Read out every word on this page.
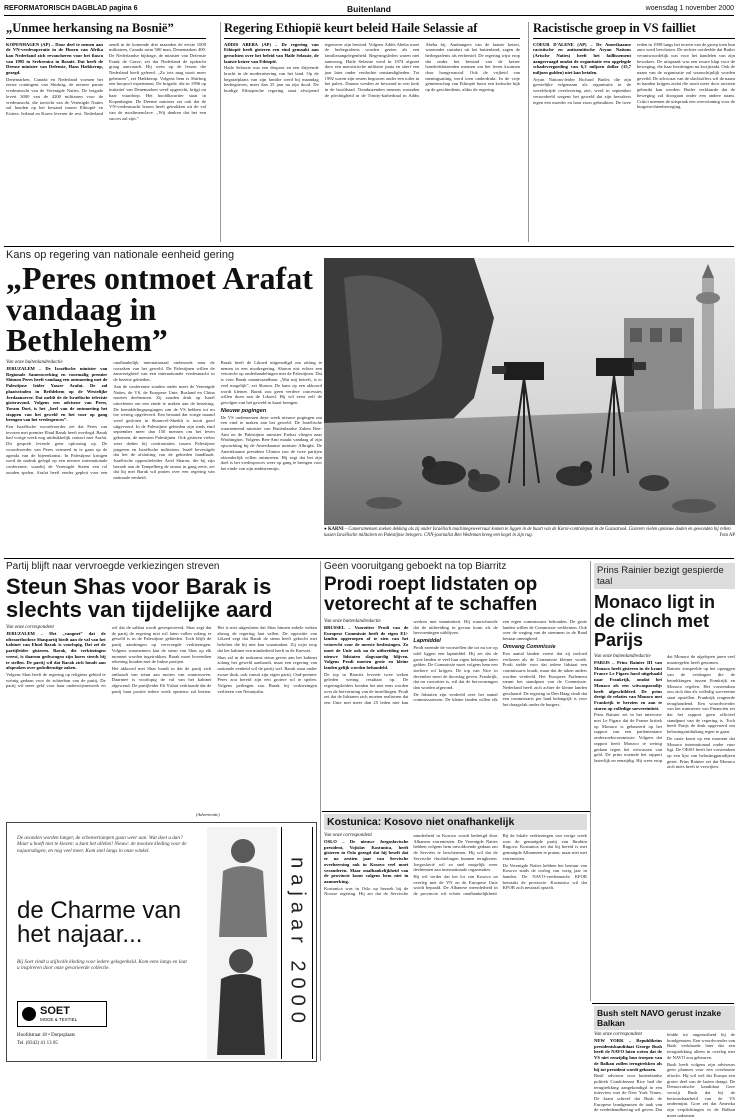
REFORMATORISCH DAGBLAD pagina 6	Buitenland	woensdag 1 november 2000
„Unmee herkansing na Bosnië”
KOPENHAGEN (AP) – Door deel te nemen aan de VN-vredesoperatie in de Hoorn van Afrika kan Nederland zich revancheren voor het fiasco van 1995 in Srebrenica in Bosnië. Dat heeft de Deense minister van Defensie, Hans Hækkerup, gezegd.
Denemarken, Canada en Nederland vormen het eerste contingent van Shirbrig, de nieuwe parate vredesmacht van de Verenigde Naties. De brigade levert 3000 van de 4200 militairen voor de vredesmacht, die toezicht van de Verenigde Naties zal houden op het bestand tussen Ethiopië en Eritrea. Ierland en Korea leveren de rest. Nederland zendt in de komende drie maanden de eerste 1000 militairen, Canada ruim 500 man, Denemarken 400. De Nederlandse bijdrage, de minister van Defensie Frank de Grave, zei dat Nederland de opdracht graag aanvaardt. Hij wees op de lessen die Nederland heeft geleerd. „Zo iets mag nooit meer gebeuren”, zei Hækkerup. Volgens hem is Shirbrig een hoopvol experiment. De brigade, die in 1996 op initiatief van Denemarken werd opgericht, krijgt nu haar vuurdoop. Het hoofdkwartier staat in Kopenhagen. De Deense minister zei ook dat de VN-vredesmacht lessen heeft getrokken uit de val van de moslimenclave. „Wij denken dat het een succes zal zijn.”
Regering Ethiopië keurt beleid Haile Selassie af
ADDIS ABEBA (AP) – De regering van Ethiopië heeft gisteren een eind gemaakt aan geruchten over het beleid van Haile Selassie, de laatste keizer van Ethiopië.
Haile Selassie was een despoot en een drijvende kracht in de modernisering van het land. Op de begraafplaats van zijn familie werd hij maandag herbegraven, meer dan 25 jaar na zijn dood. De huidige Ethiopische regering staat afwijzend tegenover zijn bewind. Volgens Addis Abeba moet de herbegrafenis worden gezien als een familieaangelegenheid. Regeringsleden waren niet aanwezig. Haile Selassie werd in 1974 afgezet door een marxistische militaire junta en stierf een jaar later onder verdachte omstandigheden. Tot 1992 waren zijn resten begraven onder een toilet in het paleis. Daarna werden ze bewaard in een kerk in de hoofdstad. Tienduizenden mensen woonden de plechtigheid in de Trinity-kathedraal in Addis Abeba bij. Aanhangers van de laatste keizer, waaronder rastafari uit het buitenland, zagen de herbegrafenis als eerherstel. De regering wijst erop dat onder het bewind van de keizer honderdduizenden mensen om het leven kwamen door hongersnood. Ook de vrijheid van meningsuiting werd toen onderdrukt. In de vrije gemeenschap van Ethiopië hoort een kritische kijk op de geschiedenis, aldus de regering.
Racistische groep in VS failliet
COEUR D'ALENE (AP) – De Amerikaanse racistische en antisemitische Aryan Nations (Arische Naties) heeft het faillissement aangevraagd omdat de organisatie een opgelegde schadevergoeding van 6,3 miljoen dollar (15,7 miljoen gulden) niet kan betalen.
Aryan Nations-leider Richard Butler, die zijn geestelijke erfgenaam als organisatie in de wereldwijde overlevering ziet, werd in september veroordeeld wegens het geweld dat zijn bewakers tegen een moeder en haar zoon gebruikten. De twee reden in 1998 langs het terrein van de groep toen hun auto werd beschoten. De rechter oordeelde dat Butler verantwoordelijk was voor het handelen van zijn bewakers. De uitspraak was een zware klap voor de beweging, die haar bezittingen nu kwijtraakt. Ook de naam van de organisatie zal waarschijnlijk worden geveild. De advocaat van de slachtoffers wil de naam in handen krijgen zodat die nooit meer door racisten gebruikt kan worden. Butler verklaarde dat de beweging zal doorgaan onder een andere naam. Critici noemen de uitspraak een overwinning voor de burgerrechtenbeweging.
Kans op regering van nationale eenheid gering
„Peres ontmoet Arafat vandaag in Bethlehem”
Van onze buitenlandredactie
JERUZALEM – De Israëlische minister van Regionale Samenwerking en voormalig premier Shimon Peres heeft vandaag een ontmoeting met de Palestijnse leider Yasser Arafat. De zal plaatsvinden in Bethlehem op de Westelijke Jordaanoever. Dat meldt de de Israëlische televisie gisteravond. Volgens een adviseur van Peres, Yoram Dori, is het „heel van de ontmoeting het stoppen van het geweld en het voor op gang brengen van het vredesproces”.
Een Israëlische woordvoerder zei dat Peres van tevoren met premier Ehud Barak heeft overlegd. Barak had vorige week nog uitdrukkelijk contact met Arafat. Dit gesprek leverde geen oplossing op. De woordvoerder van Peres vermeed in te gaan op de agenda van de bijeenkomst. In Palestijnse kringen werd de nadruk gelegd op een nieuwe internationale conferentie, waarbij de Verenigde Staten een rol zouden spelen. Arafat heeft eerder gepleit voor een onafhankelijk internationaal onderzoek naar de oorzaken van het geweld. De Palestijnen willen de aanwezigheid van een internationale vredesmacht in de bezette gebieden.
Aan de conferentie zouden onder meer de Verenigde Naties, de VS, de Europese Unie, Rusland en China moeten deelnemen. Zij zouden druk op Israël uitoefenen om een einde te maken aan de bezetting. De bemiddelingspogingen van de VS hebben tot nu toe weinig opgeleverd. Een bestand dat vorige maand werd gesloten in Sharm-el-Sheikh is nooit goed uitgevoerd. In de Palestijnse gebieden zijn sinds eind september meer dan 150 mensen om het leven gekomen, de meesten Palestijnen. Ook gisteren vielen weer doden bij confrontaties tussen Palestijnse jongeren en Israëlische militairen. Israël bevestigde dat het de afsluiting van de gebieden handhaaft. Israëlische oppositieleider Ariel Sharon, die bij zijn bezoek aan de Tempelberg de onrust in gang zette, zei dat hij met Barak wil praten over een regering van nationale eenheid.
Barak heeft de Likoed uitgenodigd om zitting te nemen in een noodregering. Sharon eist echter een vetorecht op onderhandelingen met de Palestijnen. Dat is voor Barak onaanvaardbaar. „Wat mij betreft, is er veel mogelijk”, zei Sharon. De kans op een akkoord wordt kleiner. Barak zou geen verdere concessies willen doen aan de Likoed. Hij wil eerst zelf de gevolgen van het geweld in kaart brengen.
Nieuwe pogingen
De VS ondernemen deze week nieuwe pogingen om een eind te maken aan het geweld. De Israëlische waarnemend minister van Buitenlandse Zaken Ben-Ami en de Palestijnse minister Erekat vliegen naar Washington. Volgens Ben-Ami maakt vandaag al zijn opwachting bij de Amerikaanse minister Albright. De Amerikaanse president Clinton zou de twee partijen afzonderlijk willen ontmoeten. Hij zegt dat het zijn doel is het vredesproces weer op gang te brengen voor het einde van zijn ambtstermijn.
● KARNI – Cameramensen zoeken dekking als zij onder Israëlisch machinegeweervuur komen te liggen in de buurt van de Karni-controlepost in de Gazastrook. Gisteren vielen opnieuw doden en gewonden bij rellen tussen Israëlische militairen en Palestijnse betogers. CNN-journalist Ben Wedeman kreeg een kogel in zijn rug.	Foto AP
Partij blijft naar vervroegde verkiezingen streven
Steun Shas voor Barak is slechts van tijdelijke aard
Van onze correspondent
JERUZALEM – Het „vangnet” dat de ultraorthodoxe Shaspartij biedt aan de val van het kabinet van Ehud Barak is voorlopig. Dat zei de partijleider gisteren. Barak, die verkiezingen vreest, is daarom gedwongen zijn koers steeds bij te stellen. De partij wil dat Barak zich houdt aan afspraken over godsdienstige zaken.
Volgens Shas heeft de regering op religieus gebied te weinig gedaan voor de achterban van de partij. De partij wil meer geld voor haar onderwijsnetwerk en wil dat de sabbat wordt gerespecteerd. Shas zegt dat de partij de regering niet wil laten vallen zolang er geweld is in de Palestijnse gebieden. Toch blijft de partij aandringen op vervroegde verkiezingen. Volgens waarnemers kan de steun van Shas op elk moment worden ingetrokken. Barak moet bovendien rekening houden met de linkse partijen.
Het akkoord met Shas houdt in dat de partij zich onthoudt van steun aan moties van wantrouwen. Daarmee is voorlopig de val van het kabinet afgewend. De partijleider Eli Yishai verklaarde dat de partij haar positie iedere week opnieuw zal bezien. Het is niet uitgesloten dat Shas binnen enkele weken alsnog de regering laat vallen. De oppositie van Likoed zegt dat Barak de steun heeft gekocht met beloften die hij niet kan waarmaken. Zij wijst erop dat het kabinet een minderheid heeft in de Knesset.
Shas zal in de toekomst steun geven aan het kabinet zolang het geweld aanhoudt, maar een regering van nationale eenheid wil de partij wel. Barak staat onder zware druk, ook vanuit zijn eigen partij. Oud-premier Peres zou bereid zijn een grotere rol te spelen. Volgens peilingen zou Barak bij verkiezingen verliezen van Netanyahu.
Geen vooruitgang geboekt na top Biarritz
Prodi roept lidstaten op vetorecht af te schaffen
Van onze buitenlandredactie
BRUSSEL – Voorzitter Prodi van de Europese Commissie heeft de eigen EU-landen opgeroepen af te zien van het vetorecht voor de meeste beslissingen. Zo moet de Unie ook na de uitbreiding met nieuwe lidstaten slagvaardig blijven. Volgens Prodi moeten grote en kleine landen gelijk worden behandeld.
De top in Biarritz leverde twee weken geleden weinig resultaat op. De regeringsleiders konden het niet eens worden over de hervorming van de instellingen. Prodi zei dat de lidstaten zich moeten realiseren dat een Unie met meer dan 25 leden niet kan werken met unanimiteit. Hij waarschuwde dat de uitbreiding in gevaar komt als de hervormingen uitblijven.
Lapmiddel
Prodi noemde de voorstellen die tot nu toe op tafel liggen een lapmiddel. Hij zei dat de grote landen te veel hun eigen belangen laten gelden. De Commissie moet volgens hem een sterkere rol krijgen. De top van Nice in december moet de doorslag geven. Frankrijk, dat nu voorzitter is, wil dat de hervormingen dan worden afgerond.
De lidstaten zijn verdeeld over het aantal commissarissen. De kleine landen willen elk een eigen commissaris behouden. De grote landen willen de Commissie verkleinen. Ook over de weging van de stemmen in de Raad bestaat onenigheid.
Omvang Commissie
Een aantal landen vreest dat zij invloed verliezen als de Commissie kleiner wordt. Prodi stelde voor dat iedere lidstaat een commissaris houdt, maar dat de taken anders worden verdeeld. Het Europees Parlement steunt het standpunt van de Commissie. Nederland heeft zich achter de kleine landen geschaard. De regering in Den Haag vindt dat een commissaris per land belangrijk is voor het draagvlak onder de burgers.
Prins Rainier bezigt gespierde taal
Monaco ligt in de clinch met Parijs
Van onze buitenlandredactie
PARIJS – Prins Rainier III van Monaco heeft gisteren in de krant France Le Figaro hard uitgehaald naar Frankrijk, omdat het Monaco als een witwasparadijs heeft afgeschilderd. De prins dreigt de relaties van Monaco met Frankrijk te herzien en aan te sturen op volledige soevereiniteit.
Prins Rainier zei in het interview met Le Figaro dat de Franse kritiek op Monaco is gebaseerd op het rapport van een parlementaire onderzoekscommissie. Volgens dat rapport heeft Monaco te weinig gedaan tegen het witwassen van geld. De prins noemde het rapport lasterlijk en eenzijdig. Hij wees erop dat Monaco de afgelopen jaren veel maatregelen heeft genomen.
Rainier zinspeelde op het opzeggen van de verdragen die de betrekkingen tussen Frankrijk en Monaco regelen. Het vorstendom zou zich dan als volledig soevereine staat opstellen. Frankrijk reageerde terughoudend. Een woordvoerder van het ministerie van Financiën zei dat het rapport geen officieel standpunt van de regering is. Toch heeft Parijs de druk opgevoerd om belastingontduiking tegen te gaan.
De ruzie komt op een moment dat Monaco internationaal onder vuur ligt. De OESO heeft het vorstendom op een lijst van belastingparadijzen gezet. Prins Rainier zei dat Monaco zich niets heeft te verwijten.
Kostunica: Kosovo niet onafhankelijk
Van onze correspondent
OSLO – De nieuwe Joegoslavische president, Vojislav Kostunica, heeft gisteren in Oslo gezegd dat hij beseft dat er na zestien jaar van Servische overheersing ook in Kosovo veel moet veranderen. Maar onafhankelijkheid van de provincie komt volgens hem niet in aanmerking.
Kostunica was in Oslo op bezoek bij de Noorse regering. Hij zei dat de Servische minderheid in Kosovo wordt bedreigd door Albanese extremisten. De Verenigde Naties hebben volgens hem onvoldoende gedaan om de Serviërs te beschermen. Hij wil dat de Servische vluchtelingen kunnen terugkeren. Joegoslavië wil zo snel mogelijk weer deelnemen aan internationale organisaties.
Hij wil verder dat het lot van Kosovo na overleg met de VN en de Europese Unie wordt bepaald. De Albanese meerderheid in de provincie wil echter onafhankelijkheid. Bij de lokale verkiezingen van vorige week won de gematigde partij van Ibrahim Rugova. Kostunica zei dat hij bereid is met gematigde Albanezen te praten, maar niet met extremisten.
De Verenigde Naties hebben het bestuur van Kosovo sinds de oorlog van vorig jaar in handen. De NAVO-vredesmacht KFOR bewaakt de provincie. Kostunica wil dat KFOR zich neutraal opstelt.
Bush stelt NAVO gerust inzake Balkan
Van onze correspondent
NEW YORK – Republikeins presidentskandidaat George Bush heeft de NAVO laten weten dat de VS niet eenzijdig hun troepen van de Balkan zullen terugtrekken als hij tot president wordt gekozen.
Bush' adviseur voor buitenlandse politiek Condoleezza Rice had die terugtrekking aangekondigd in een interview met de New York Times. De krant schreef dat Bush de Europese bondgenoten de taak van de vredeshandhaving wil geven. Dat leidde tot ongerustheid bij de bondgenoten. Een woordvoerder van Bush verklaarde later dat een terugtrekking alleen in overleg met de NAVO zou gebeuren.
Bush heeft volgens zijn adviseurs geen plannen voor een overhaaste aftocht. Hij wil wel dat Europa een groter deel van de lasten draagt. De Democratische kandidaat Gore verwijt Bush dat hij de betrouwbaarheid van de VS ondermijnt. Gore zei dat Amerika zijn verplichtingen in de Balkan moet nakomen.
(Advertentie)
De avonden worden langer, de schemerlampen gaan weer aan. Wat doet u dan? Maar u hoeft niet te kiezen: u kunt het allebei! Nieuw: de mooiste kleding voor de najaarsdagen, en nog veel meer. Kom snel langs in onze winkel.
de Charme van het najaar...
Bij Soet vindt u stijlvolle kleding voor iedere gelegenheid. Kom eens langs en laat u inspireren door onze gevarieerde collectie.
SOET
MODE & TEXTIEL
Hoofdstraat 18 • Dorpsplaats
Tel. (0342) 41 13 05
najaar 2000
